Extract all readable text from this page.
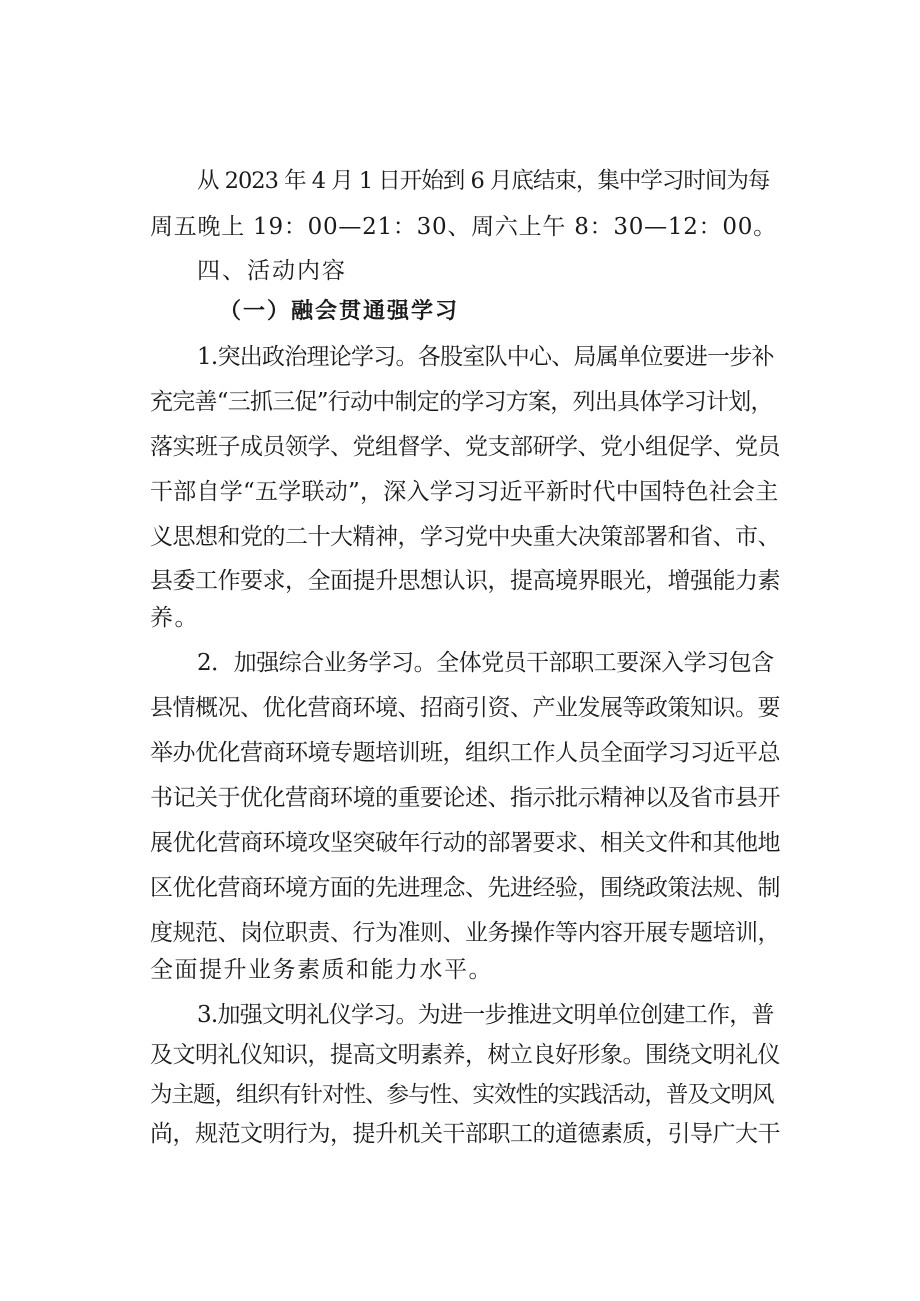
从 2023 年 4 月 1 日开始到 6 月底结束，集中学习时间为每
周五晚上 19：00—21：30、周六上午 8：30—12：00。
四、活动内容
（一）融会贯通强学习
1.突出政治理论学习。各股室队中心、局属单位要进一步补
充完善“三抓三促”行动中制定的学习方案，列出具体学习计划，
落实班子成员领学、党组督学、党支部研学、党小组促学、党员
干部自学“五学联动”，深入学习习近平新时代中国特色社会主
义思想和党的二十大精神，学习党中央重大决策部署和省、市、
县委工作要求，全面提升思想认识，提高境界眼光，增强能力素
养。
2．加强综合业务学习。全体党员干部职工要深入学习包含
县情概况、优化营商环境、招商引资、产业发展等政策知识。要
举办优化营商环境专题培训班，组织工作人员全面学习习近平总
书记关于优化营商环境的重要论述、指示批示精神以及省市县开
展优化营商环境攻坚突破年行动的部署要求、相关文件和其他地
区优化营商环境方面的先进理念、先进经验，围绕政策法规、制
度规范、岗位职责、行为准则、业务操作等内容开展专题培训，
全面提升业务素质和能力水平。
3.加强文明礼仪学习。为进一步推进文明单位创建工作，普
及文明礼仪知识，提高文明素养，树立良好形象。围绕文明礼仪
为主题，组织有针对性、参与性、实效性的实践活动，普及文明风
尚，规范文明行为，提升机关干部职工的道德素质，引导广大干
